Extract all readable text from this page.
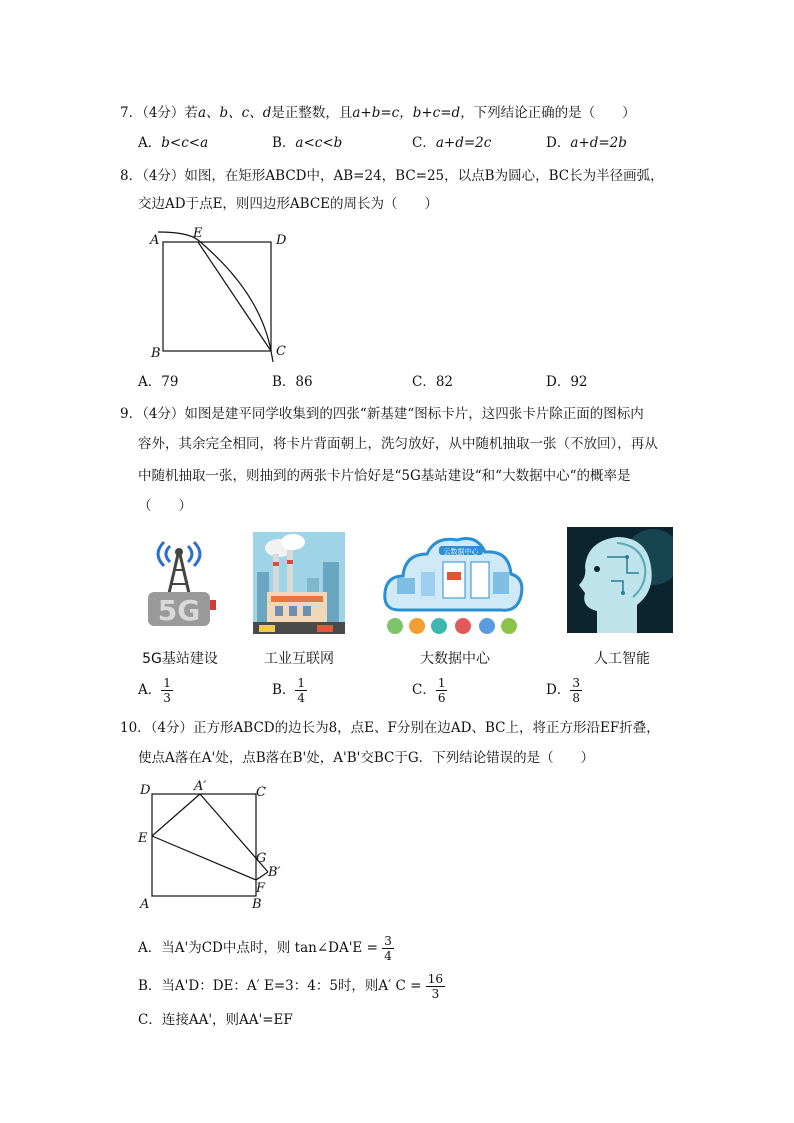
7．（4分）若a、b、c、d是正整数，且a+b=c，b+c=d，下列结论正确的是（　　）
A．b<c<a	B．a<c<b	C．a+d=2c	D．a+d=2b
8．（4分）如图，在矩形ABCD中，AB=24，BC=25，以点B为圆心，BC长为半径画弧，
交边AD于点E，则四边形ABCE的周长为（　　）
A	E	D
B	C
A．79	B．86	C．82	D．92
9．（4分）如图是建平同学收集到的四张“新基建“图标卡片，这四张卡片除正面的图标内
容外，其余完全相同，将卡片背面朝上，洗匀放好，从中随机抽取一张（不放回），再从
中随机抽取一张，则抽到的两张卡片恰好是“5G基站建设“和“大数据中心“的概率是
（　　）
5G
5G基站建设	工业互联网
云数据中心
大数据中心	人工智能
A． $\frac{1}{3}$	B． $\frac{1}{4}$	C． $\frac{1}{6}$	D． $\frac{3}{8}$
10．（4分）正方形ABCD的边长为8，点E、F分别在边AD、BC上，将正方形沿EF折叠，
使点A落在A'处，点B落在B'处，A'B'交BC于G．下列结论错误的是（　　）
D	A′	C
E
G
B′
F
A	B
A．当A'为CD中点时，则 tan∠DA'E = $\frac{3}{4}$
B．当A'D：DE：A′ E=3：4：5时，则A′ $C = \frac{16}{3}$
C．连接AA'，则AA'=EF
